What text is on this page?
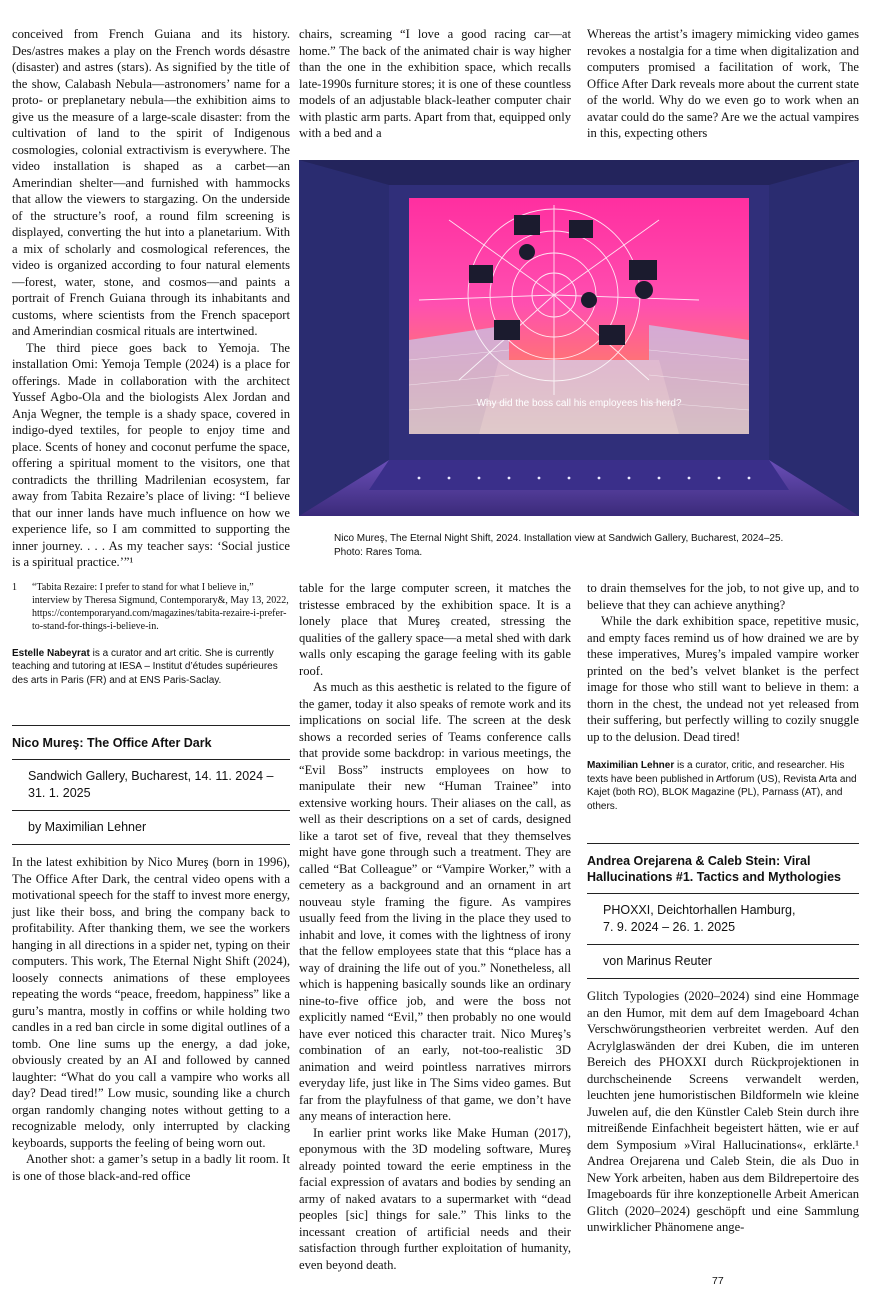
conceived from French Guiana and its history. Des/astres makes a play on the French words désastre (disaster) and astres (stars). As signified by the title of the show, Calabash Nebula—astronomers’ name for a proto- or preplanetary nebula—the exhibition aims to give us the measure of a large-scale disaster: from the cultivation of land to the spirit of Indigenous cosmologies, colonial extractivism is everywhere. The video installation is shaped as a carbet—an Amerindian shelter—and furnished with hammocks that allow the viewers to stargazing. On the underside of the structure’s roof, a round film screening is displayed, converting the hut into a planetarium. With a mix of scholarly and cosmological references, the video is organized according to four natural elements—forest, water, stone, and cosmos—and paints a portrait of French Guiana through its inhabitants and customs, where scientists from the French spaceport and Amerindian cosmical rituals are intertwined.

The third piece goes back to Yemoja. The installation Omi: Yemoja Temple (2024) is a place for offerings. Made in collaboration with the architect Yussef Agbo-Ola and the biologists Alex Jordan and Anja Wegner, the temple is a shady space, covered in indigo-dyed textiles, for people to enjoy time and place. Scents of honey and coconut perfume the space, offering a spiritual moment to the visitors, one that contradicts the thrilling Madrilenian ecosystem, far away from Tabita Rezaire’s place of living: “I believe that our inner lands have much influence on how we experience life, so I am committed to supporting the inner journey. . . . As my teacher says: ‘Social justice is a spiritual practice.’”¹

1	“Tabita Rezaire: I prefer to stand for what I believe in,” interview by Theresa Sigmund, Contemporary&, May 13, 2022, https://contemporaryand.com/magazines/tabita-rezaire-i-prefer-to-stand-for-things-i-believe-in.
Estelle Nabeyrat is a curator and art critic. She is currently teaching and tutoring at IESA – Institut d’études supérieures des arts in Paris (FR) and at ENS Paris-Saclay.
Nico Mureş: The Office After Dark
Sandwich Gallery, Bucharest, 14. 11. 2024 – 31. 1. 2025
by Maximilian Lehner

In the latest exhibition by Nico Mureş (born in 1996), The Office After Dark, the central video opens with a motivational speech for the staff to invest more energy, just like their boss, and bring the company back to profitability. After thanking them, we see the workers hanging in all directions in a spider net, typing on their computers. This work, The Eternal Night Shift (2024), loosely connects animations of these employees repeating the words “peace, freedom, happiness” like a guru’s mantra, mostly in coffins or while holding two candles in a red ban circle in some digital outlines of a tomb. One line sums up the energy, a dad joke, obviously created by an AI and followed by canned laughter: “What do you call a vampire who works all day? Dead tired!” Low music, sounding like a church organ randomly changing notes without getting to a recognizable melody, only interrupted by clacking keyboards, supports the feeling of being worn out.

Another shot: a gamer’s setup in a badly lit room. It is one of those black-and-red office

chairs, screaming “I love a good racing car—at home.” The back of the animated chair is way higher than the one in the exhibition space, which recalls late-1990s furniture stores; it is one of these countless models of an adjustable black-leather computer chair with plastic arm parts. Apart from that, equipped only with a bed and a

Whereas the artist’s imagery mimicking video games revokes a nostalgia for a time when digitalization and computers promised a facilitation of work, The Office After Dark reveals more about the current state of the world. Why do we even go to work when an avatar could do the same? Are we the actual vampires in this, expecting others

Why did the boss call his employees his herd?
Nico Mureş, The Eternal Night Shift, 2024. Installation view at Sandwich Gallery, Bucharest, 2024–25.
Photo: Rares Toma.

table for the large computer screen, it matches the tristesse embraced by the exhibition space. It is a lonely place that Mureş created, stressing the qualities of the gallery space—a metal shed with dark walls only escaping the garage feeling with its gable roof.

As much as this aesthetic is related to the figure of the gamer, today it also speaks of remote work and its implications on social life. The screen at the desk shows a recorded series of Teams conference calls that provide some backdrop: in various meetings, the “Evil Boss” instructs employees on how to manipulate their new “Human Trainee” into extensive working hours. Their aliases on the call, as well as their descriptions on a set of cards, designed like a tarot set of five, reveal that they themselves might have gone through such a treatment. They are called “Bat Colleague” or “Vampire Worker,” with a cemetery as a background and an ornament in art nouveau style framing the figure. As vampires usually feed from the living in the place they used to inhabit and love, it comes with the lightness of irony that the fellow employees state that this “place has a way of draining the life out of you.” Nonetheless, all which is happening basically sounds like an ordinary nine-to-five office job, and were the boss not explicitly named “Evil,” then probably no one would have ever noticed this character trait. Nico Mureş’s combination of an early, not-too-realistic 3D animation and weird pointless narratives mirrors everyday life, just like in The Sims video games. But far from the playfulness of that game, we don’t have any means of interaction here.

In earlier print works like Make Human (2017), eponymous with the 3D modeling software, Mureş already pointed toward the eerie emptiness in the facial expression of avatars and bodies by sending an army of naked avatars to a supermarket with “dead peoples [sic] things for sale.” This links to the incessant creation of artificial needs and their satisfaction through further exploitation of humanity, even beyond death.

to drain themselves for the job, to not give up, and to believe that they can achieve anything?

While the dark exhibition space, repetitive music, and empty faces remind us of how drained we are by these imperatives, Mureş’s impaled vampire worker printed on the bed’s velvet blanket is the perfect image for those who still want to believe in them: a thorn in the chest, the undead not yet released from their suffering, but perfectly willing to cozily snuggle up to the delusion. Dead tired!

Maximilian Lehner is a curator, critic, and researcher. His texts have been published in Artforum (US), Revista Arta and Kajet (both RO), BLOK Magazine (PL), Parnass (AT), and others.
Andrea Orejarena & Caleb Stein: Viral Hallucinations #1. Tactics and Mythologies
PHOXXI, Deichtorhallen Hamburg,
7. 9. 2024 – 26. 1. 2025
von Marinus Reuter

Glitch Typologies (2020–2024) sind eine Hommage an den Humor, mit dem auf dem Imageboard 4chan Verschwörungstheorien verbreitet werden. Auf den Acrylglaswänden der drei Kuben, die im unteren Bereich des PHOXXI durch Rückprojektionen in durchscheinende Screens verwandelt werden, leuchten jene humoristischen Bildformeln wie kleine Juwelen auf, die den Künstler Caleb Stein durch ihre mitreißende Einfachheit begeistert hätten, wie er auf dem Symposium »Viral Hallucinations«, erklärte.¹ Andrea Orejarena und Caleb Stein, die als Duo in New York arbeiten, haben aus dem Bildrepertoire des Imageboards für ihre konzeptionelle Arbeit American Glitch (2020–2024) geschöpft und eine Sammlung unwirklicher Phänomene ange-

77
